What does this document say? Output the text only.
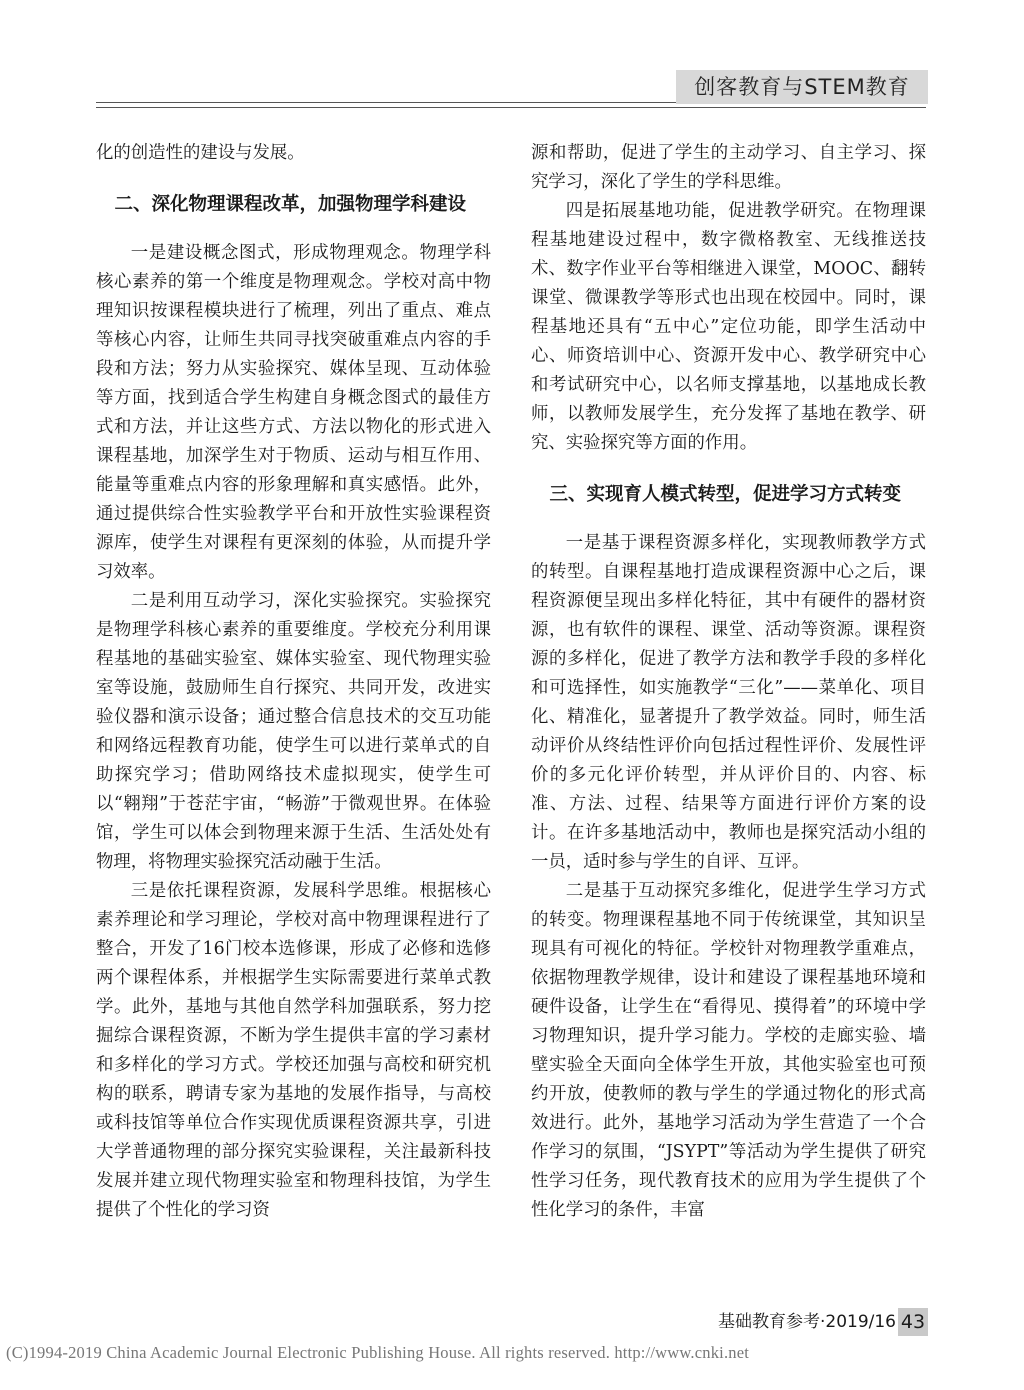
创客教育与STEM教育

化的创造性的建设与发展。

二、深化物理课程改革，加强物理学科建设

一是建设概念图式，形成物理观念。物理学科核心素养的第一个维度是物理观念。学校对高中物理知识按课程模块进行了梳理，列出了重点、难点等核心内容，让师生共同寻找突破重难点内容的手段和方法；努力从实验探究、媒体呈现、互动体验等方面，找到适合学生构建自身概念图式的最佳方式和方法，并让这些方式、方法以物化的形式进入课程基地，加深学生对于物质、运动与相互作用、能量等重难点内容的形象理解和真实感悟。此外，通过提供综合性实验教学平台和开放性实验课程资源库，使学生对课程有更深刻的体验，从而提升学习效率。

二是利用互动学习，深化实验探究。实验探究是物理学科核心素养的重要维度。学校充分利用课程基地的基础实验室、媒体实验室、现代物理实验室等设施，鼓励师生自行探究、共同开发，改进实验仪器和演示设备；通过整合信息技术的交互功能和网络远程教育功能，使学生可以进行菜单式的自助探究学习；借助网络技术虚拟现实，使学生可以“翱翔”于苍茫宇宙，“畅游”于微观世界。在体验馆，学生可以体会到物理来源于生活、生活处处有物理，将物理实验探究活动融于生活。

三是依托课程资源，发展科学思维。根据核心素养理论和学习理论，学校对高中物理课程进行了整合，开发了16门校本选修课，形成了必修和选修两个课程体系，并根据学生实际需要进行菜单式教学。此外，基地与其他自然学科加强联系，努力挖掘综合课程资源，不断为学生提供丰富的学习素材和多样化的学习方式。学校还加强与高校和研究机构的联系，聘请专家为基地的发展作指导，与高校或科技馆等单位合作实现优质课程资源共享，引进大学普通物理的部分探究实验课程，关注最新科技发展并建立现代物理实验室和物理科技馆，为学生提供了个性化的学习资

源和帮助，促进了学生的主动学习、自主学习、探究学习，深化了学生的学科思维。

四是拓展基地功能，促进教学研究。在物理课程基地建设过程中，数字微格教室、无线推送技术、数字作业平台等相继进入课堂，MOOC、翻转课堂、微课教学等形式也出现在校园中。同时，课程基地还具有“五中心”定位功能，即学生活动中心、师资培训中心、资源开发中心、教学研究中心和考试研究中心，以名师支撑基地，以基地成长教师，以教师发展学生，充分发挥了基地在教学、研究、实验探究等方面的作用。

三、实现育人模式转型，促进学习方式转变

一是基于课程资源多样化，实现教师教学方式的转型。自课程基地打造成课程资源中心之后，课程资源便呈现出多样化特征，其中有硬件的器材资源，也有软件的课程、课堂、活动等资源。课程资源的多样化，促进了教学方法和教学手段的多样化和可选择性，如实施教学“三化”——菜单化、项目化、精准化，显著提升了教学效益。同时，师生活动评价从终结性评价向包括过程性评价、发展性评价的多元化评价转型，并从评价目的、内容、标准、方法、过程、结果等方面进行评价方案的设计。在许多基地活动中，教师也是探究活动小组的一员，适时参与学生的自评、互评。

二是基于互动探究多维化，促进学生学习方式的转变。物理课程基地不同于传统课堂，其知识呈现具有可视化的特征。学校针对物理教学重难点，依据物理教学规律，设计和建设了课程基地环境和硬件设备，让学生在“看得见、摸得着”的环境中学习物理知识，提升学习能力。学校的走廊实验、墙壁实验全天面向全体学生开放，其他实验室也可预约开放，使教师的教与学生的学通过物化的形式高效进行。此外，基地学习活动为学生营造了一个合作学习的氛围，“JSYPT”等活动为学生提供了研究性学习任务，现代教育技术的应用为学生提供了个性化学习的条件，丰富

基础教育参考·2019/16 43
(C)1994-2019 China Academic Journal Electronic Publishing House. All rights reserved. http://www.cnki.net
